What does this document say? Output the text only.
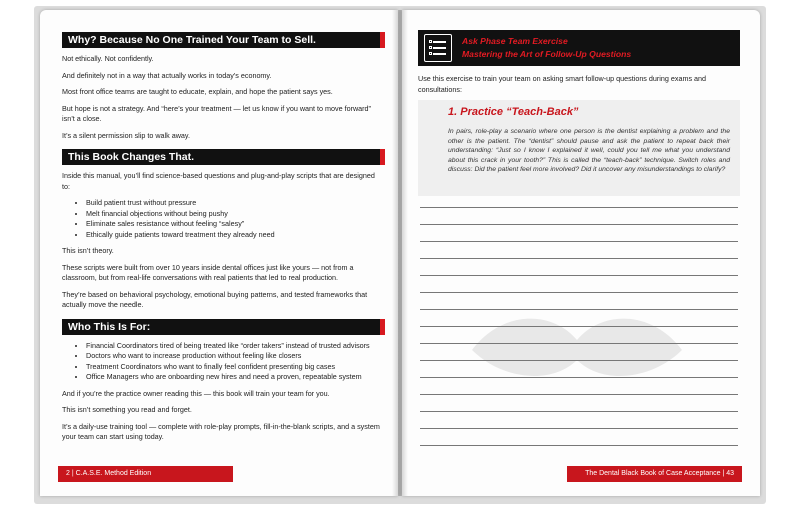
Why? Because No One Trained Your Team to Sell.

Not ethically. Not confidently.

And definitely not in a way that actually works in today’s economy.

Most front office teams are taught to educate, explain, and hope the patient says yes.

But hope is not a strategy. And “here’s your treatment — let us know if you want to move forward” isn’t a close.

It’s a silent permission slip to walk away.

This Book Changes That.

Inside this manual, you’ll find science-based questions and plug-and-play scripts that are designed to:

• Build patient trust without pressure
• Melt financial objections without being pushy
• Eliminate sales resistance without feeling “salesy”
• Ethically guide patients toward treatment they already need

This isn’t theory.

These scripts were built from over 10 years inside dental offices just like yours — not from a classroom, but from real-life conversations with real patients that led to real production.

They’re based on behavioral psychology, emotional buying patterns, and tested frameworks that actually move the needle.

Who This Is For:
• Financial Coordinators tired of being treated like “order takers” instead of trusted advisors
• Doctors who want to increase production without feeling like closers
• Treatment Coordinators who want to finally feel confident presenting big cases
• Office Managers who are onboarding new hires and need a proven, repeatable system

And if you’re the practice owner reading this — this book will train your team for you.

This isn’t something you read and forget.

It’s a daily-use training tool — complete with role-play prompts, fill-in-the-blank scripts, and a system your team can start using today.

2 | C.A.S.E. Method Edition
Ask Phase Team Exercise
Mastering the Art of Follow-Up Questions

Use this exercise to train your team on asking smart follow-up questions during exams and consultations:

1. Practice “Teach-Back”
In pairs, role-play a scenario where one person is the dentist explaining a problem and the other is the patient. The “dentist” should pause and ask the patient to repeat back their understanding: “Just so I know I explained it well, could you tell me what you understand about this crack in your tooth?” This is called the “teach-back” technique. Switch roles and discuss: Did the patient feel more involved? Did it uncover any misunderstandings to clarify?
The Dental Black Book of Case Acceptance | 43
